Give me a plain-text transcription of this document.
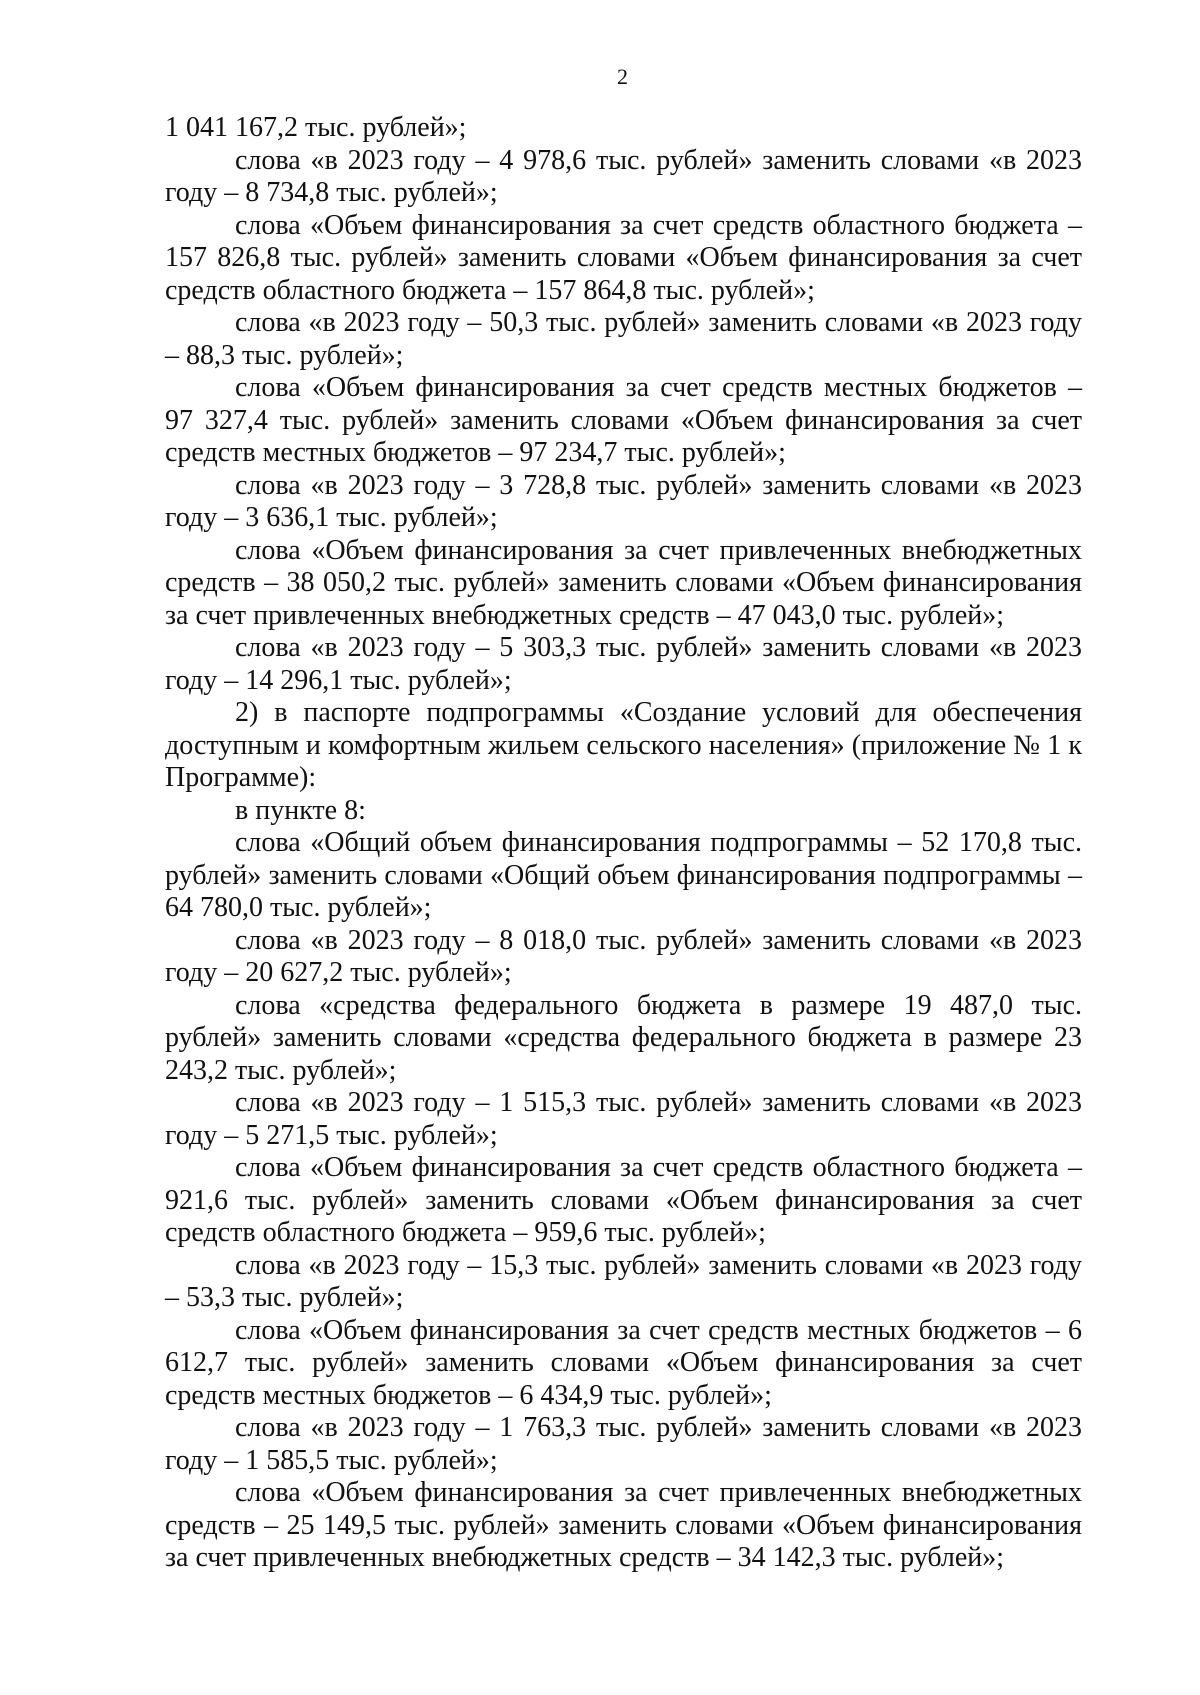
2

1 041 167,2 тыс. рублей»;

слова «в 2023 году – 4 978,6 тыс. рублей» заменить словами «в 2023 году – 8 734,8 тыс. рублей»;

слова «Объем финансирования за счет средств областного бюджета – 157 826,8 тыс. рублей» заменить словами «Объем финансирования за счет средств областного бюджета – 157 864,8 тыс. рублей»;

слова «в 2023 году – 50,3 тыс. рублей» заменить словами «в 2023 году – 88,3 тыс. рублей»;

слова «Объем финансирования за счет средств местных бюджетов – 97 327,4 тыс. рублей» заменить словами «Объем финансирования за счет средств местных бюджетов – 97 234,7 тыс. рублей»;

слова «в 2023 году – 3 728,8 тыс. рублей» заменить словами «в 2023 году – 3 636,1 тыс. рублей»;

слова «Объем финансирования за счет привлеченных внебюджетных средств – 38 050,2 тыс. рублей» заменить словами «Объем финансирования за счет привлеченных внебюджетных средств – 47 043,0 тыс. рублей»;

слова «в 2023 году – 5 303,3 тыс. рублей» заменить словами «в 2023 году – 14 296,1 тыс. рублей»;

2) в паспорте подпрограммы «Создание условий для обеспечения доступным и комфортным жильем сельского населения» (приложение № 1 к Программе):

в пункте 8:

слова «Общий объем финансирования подпрограммы – 52 170,8 тыс. рублей» заменить словами «Общий объем финансирования подпрограммы – 64 780,0 тыс. рублей»;

слова «в 2023 году – 8 018,0 тыс. рублей» заменить словами «в 2023 году – 20 627,2 тыс. рублей»;

слова «средства федерального бюджета в размере 19 487,0 тыс. рублей» заменить словами «средства федерального бюджета в размере 23 243,2 тыс. рублей»;

слова «в 2023 году – 1 515,3 тыс. рублей» заменить словами «в 2023 году – 5 271,5 тыс. рублей»;

слова «Объем финансирования за счет средств областного бюджета – 921,6 тыс. рублей» заменить словами «Объем финансирования за счет средств областного бюджета – 959,6 тыс. рублей»;

слова «в 2023 году – 15,3 тыс. рублей» заменить словами «в 2023 году – 53,3 тыс. рублей»;

слова «Объем финансирования за счет средств местных бюджетов – 6 612,7 тыс. рублей» заменить словами «Объем финансирования за счет средств местных бюджетов – 6 434,9 тыс. рублей»;

слова «в 2023 году – 1 763,3 тыс. рублей» заменить словами «в 2023 году – 1 585,5 тыс. рублей»;

слова «Объем финансирования за счет привлеченных внебюджетных средств – 25 149,5 тыс. рублей» заменить словами «Объем финансирования за счет привлеченных внебюджетных средств – 34 142,3 тыс. рублей»;
